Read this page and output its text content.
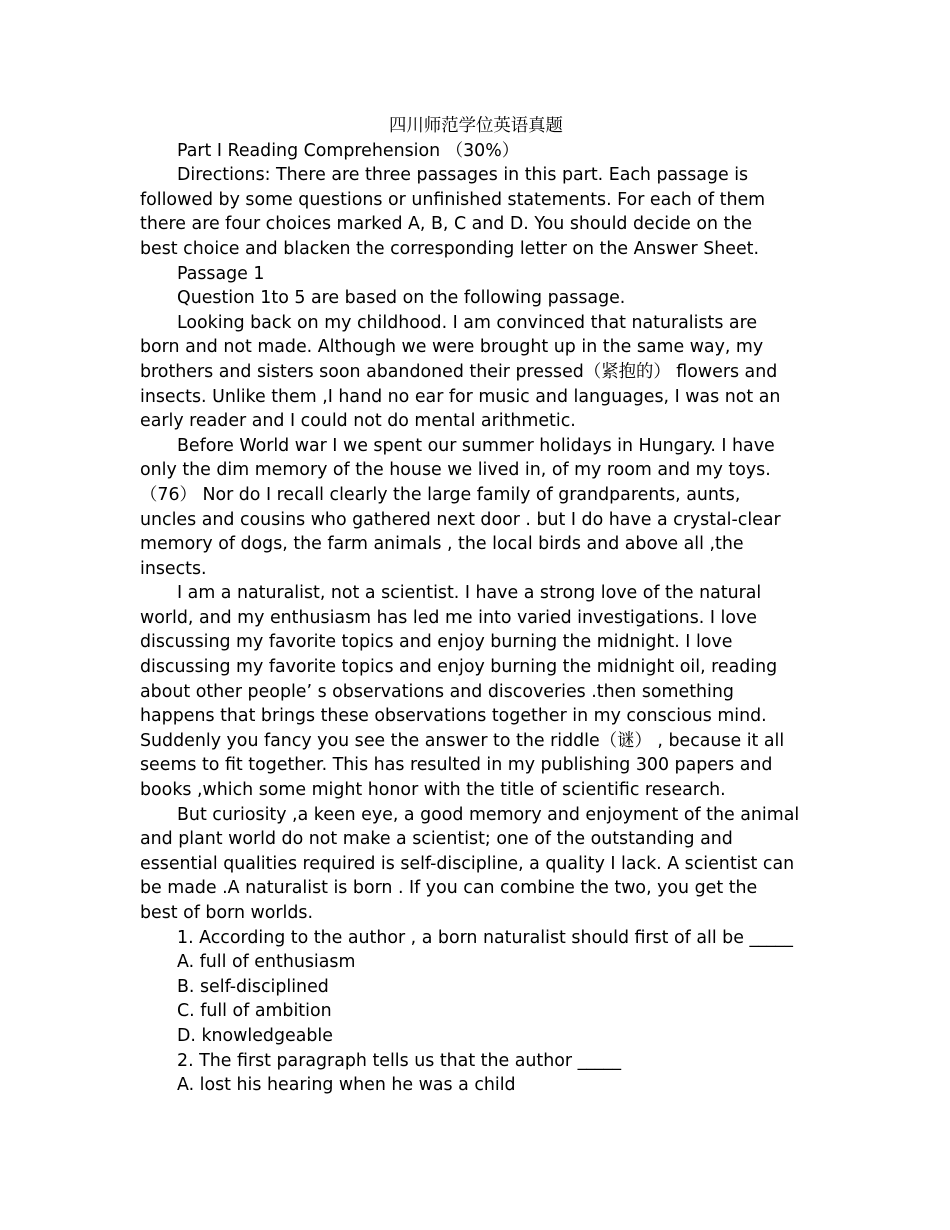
四川师范学位英语真题

Part I Reading Comprehension （30%）

Directions: There are three passages in this part. Each passage is

followed by some questions or unfinished statements. For each of them

there are four choices marked A, B, C and D. You should decide on the

best choice and blacken the corresponding letter on the Answer Sheet.

Passage 1

Question 1to 5 are based on the following passage.

Looking back on my childhood. I am convinced that naturalists are

born and not made. Although we were brought up in the same way, my

brothers and sisters soon abandoned their pressed（紧抱的） flowers and

insects. Unlike them ,I hand no ear for music and languages, I was not an

early reader and I could not do mental arithmetic.

Before World war I we spent our summer holidays in Hungary. I have

only the dim memory of the house we lived in, of my room and my toys.

（76） Nor do I recall clearly the large family of grandparents, aunts,

uncles and cousins who gathered next door . but I do have a crystal-clear

memory of dogs, the farm animals , the local birds and above all ,the

insects.

I am a naturalist, not a scientist. I have a strong love of the natural

world, and my enthusiasm has led me into varied investigations. I love

discussing my favorite topics and enjoy burning the midnight. I love

discussing my favorite topics and enjoy burning the midnight oil, reading

about other people’ s observations and discoveries .then something

happens that brings these observations together in my conscious mind.

Suddenly you fancy you see the answer to the riddle（谜） , because it all

seems to fit together. This has resulted in my publishing 300 papers and

books ,which some might honor with the title of scientific research.

But curiosity ,a keen eye, a good memory and enjoyment of the animal

and plant world do not make a scientist; one of the outstanding and

essential qualities required is self-discipline, a quality I lack. A scientist can

be made .A naturalist is born . If you can combine the two, you get the

best of born worlds.

1. According to the author , a born naturalist should first of all be _____

A. full of enthusiasm

B. self-disciplined

C. full of ambition

D. knowledgeable

2. The first paragraph tells us that the author _____

A. lost his hearing when he was a child
